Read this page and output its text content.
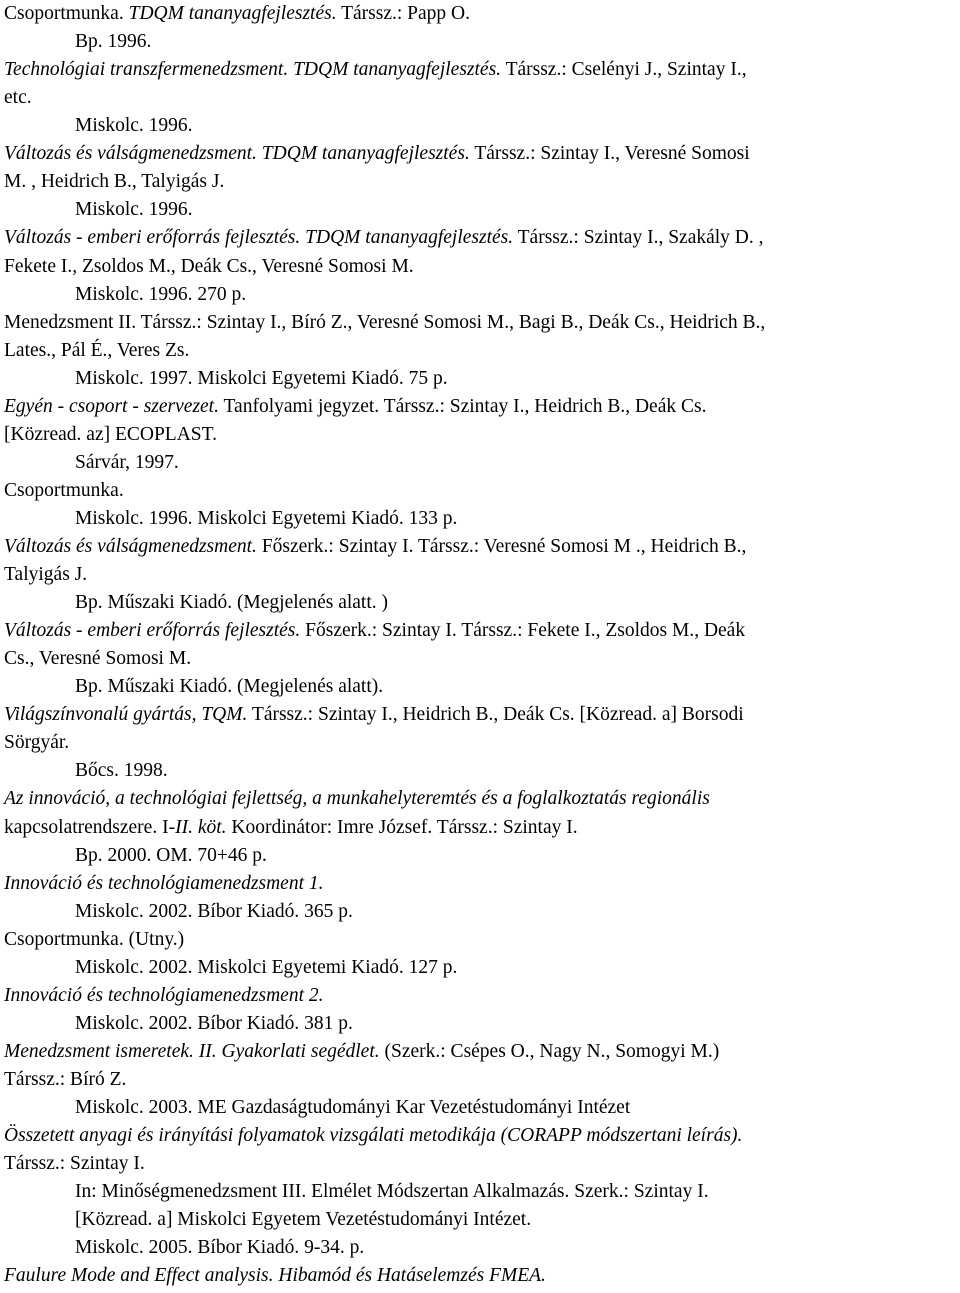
Csoportmunka. TDQM tananyagfejlesztés. Társsz.: Papp O.
Bp. 1996.
Technológiai transzfermenedzsment. TDQM tananyagfejlesztés. Társsz.: Cselényi J., Szintay I.,
etc.
Miskolc. 1996.
Változás és válságmenedzsment. TDQM tananyagfejlesztés. Társsz.: Szintay I., Veresné Somosi
M. , Heidrich B., Talyigás J.
Miskolc. 1996.
Változás - emberi erőforrás fejlesztés. TDQM tananyagfejlesztés. Társsz.: Szintay I., Szakály D. ,
Fekete I., Zsoldos M., Deák Cs., Veresné Somosi M.
Miskolc. 1996. 270 p.
Menedzsment II. Társsz.: Szintay I., Bíró Z., Veresné Somosi M., Bagi B., Deák Cs., Heidrich B.,
Lates., Pál É., Veres Zs.
Miskolc. 1997. Miskolci Egyetemi Kiadó. 75 p.
Egyén - csoport - szervezet. Tanfolyami jegyzet. Társsz.: Szintay I., Heidrich B., Deák Cs.
[Közread. az] ECOPLAST.
Sárvár, 1997.
Csoportmunka.
Miskolc. 1996. Miskolci Egyetemi Kiadó. 133 p.
Változás és válságmenedzsment. Főszerk.: Szintay I. Társsz.: Veresné Somosi M ., Heidrich B.,
Talyigás J.
Bp. Műszaki Kiadó. (Megjelenés alatt. )
Változás - emberi erőforrás fejlesztés. Főszerk.: Szintay I. Társsz.: Fekete I., Zsoldos M., Deák
Cs., Veresné Somosi M.
Bp. Műszaki Kiadó. (Megjelenés alatt).
Világszínvonalú gyártás, TQM. Társsz.: Szintay I., Heidrich B., Deák Cs. [Közread. a] Borsodi
Sörgyár.
Bőcs. 1998.
Az innováció, a technológiai fejlettség, a munkahelyteremtés és a foglalkoztatás regionális
kapcsolatrendszere. I-II. köt. Koordinátor: Imre József. Társsz.: Szintay I.
Bp. 2000. OM. 70+46 p.
Innováció és technológiamenedzsment 1.
Miskolc. 2002. Bíbor Kiadó. 365 p.
Csoportmunka. (Utny.)
Miskolc. 2002. Miskolci Egyetemi Kiadó. 127 p.
Innováció és technológiamenedzsment 2.
Miskolc. 2002. Bíbor Kiadó. 381 p.
Menedzsment ismeretek. II. Gyakorlati segédlet. (Szerk.: Csépes O., Nagy N., Somogyi M.)
Társsz.: Bíró Z.
Miskolc. 2003. ME Gazdaságtudományi Kar Vezetéstudományi Intézet
Összetett anyagi és irányítási folyamatok vizsgálati metodikája (CORAPP módszertani leírás).
Társsz.: Szintay I.
In: Minőségmenedzsment III. Elmélet Módszertan Alkalmazás. Szerk.: Szintay I.
[Közread. a] Miskolci Egyetem Vezetéstudományi Intézet.
Miskolc. 2005. Bíbor Kiadó. 9-34. p.
Faulure Mode and Effect analysis. Hibamód és Hatáselemzés FMEA.
